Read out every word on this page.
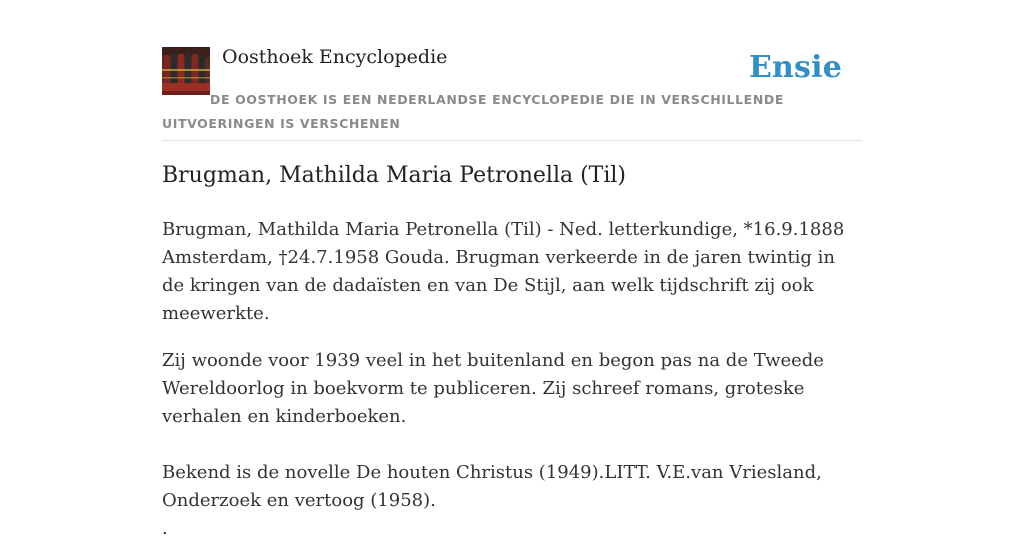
Oosthoek Encyclopedie	Ensie
DE OOSTHOEK IS EEN NEDERLANDSE ENCYCLOPEDIE DIE IN VERSCHILLENDE UITVOERINGEN IS VERSCHENEN
Brugman, Mathilda Maria Petronella (Til)

Brugman, Mathilda Maria Petronella (Til) - Ned. letterkundige, *16.9.1888 Amsterdam, †24.7.1958 Gouda. Brugman verkeerde in de jaren twintig in de kringen van de dadaïsten en van De Stijl, aan welk tijdschrift zij ook meewerkte.

Zij woonde voor 1939 veel in het buitenland en begon pas na de Tweede Wereldoorlog in boekvorm te publiceren. Zij schreef romans, groteske verhalen en kinderboeken.

Bekend is de novelle De houten Christus (1949).LITT. V.E.van Vriesland, Onderzoek en vertoog (1958).

.
